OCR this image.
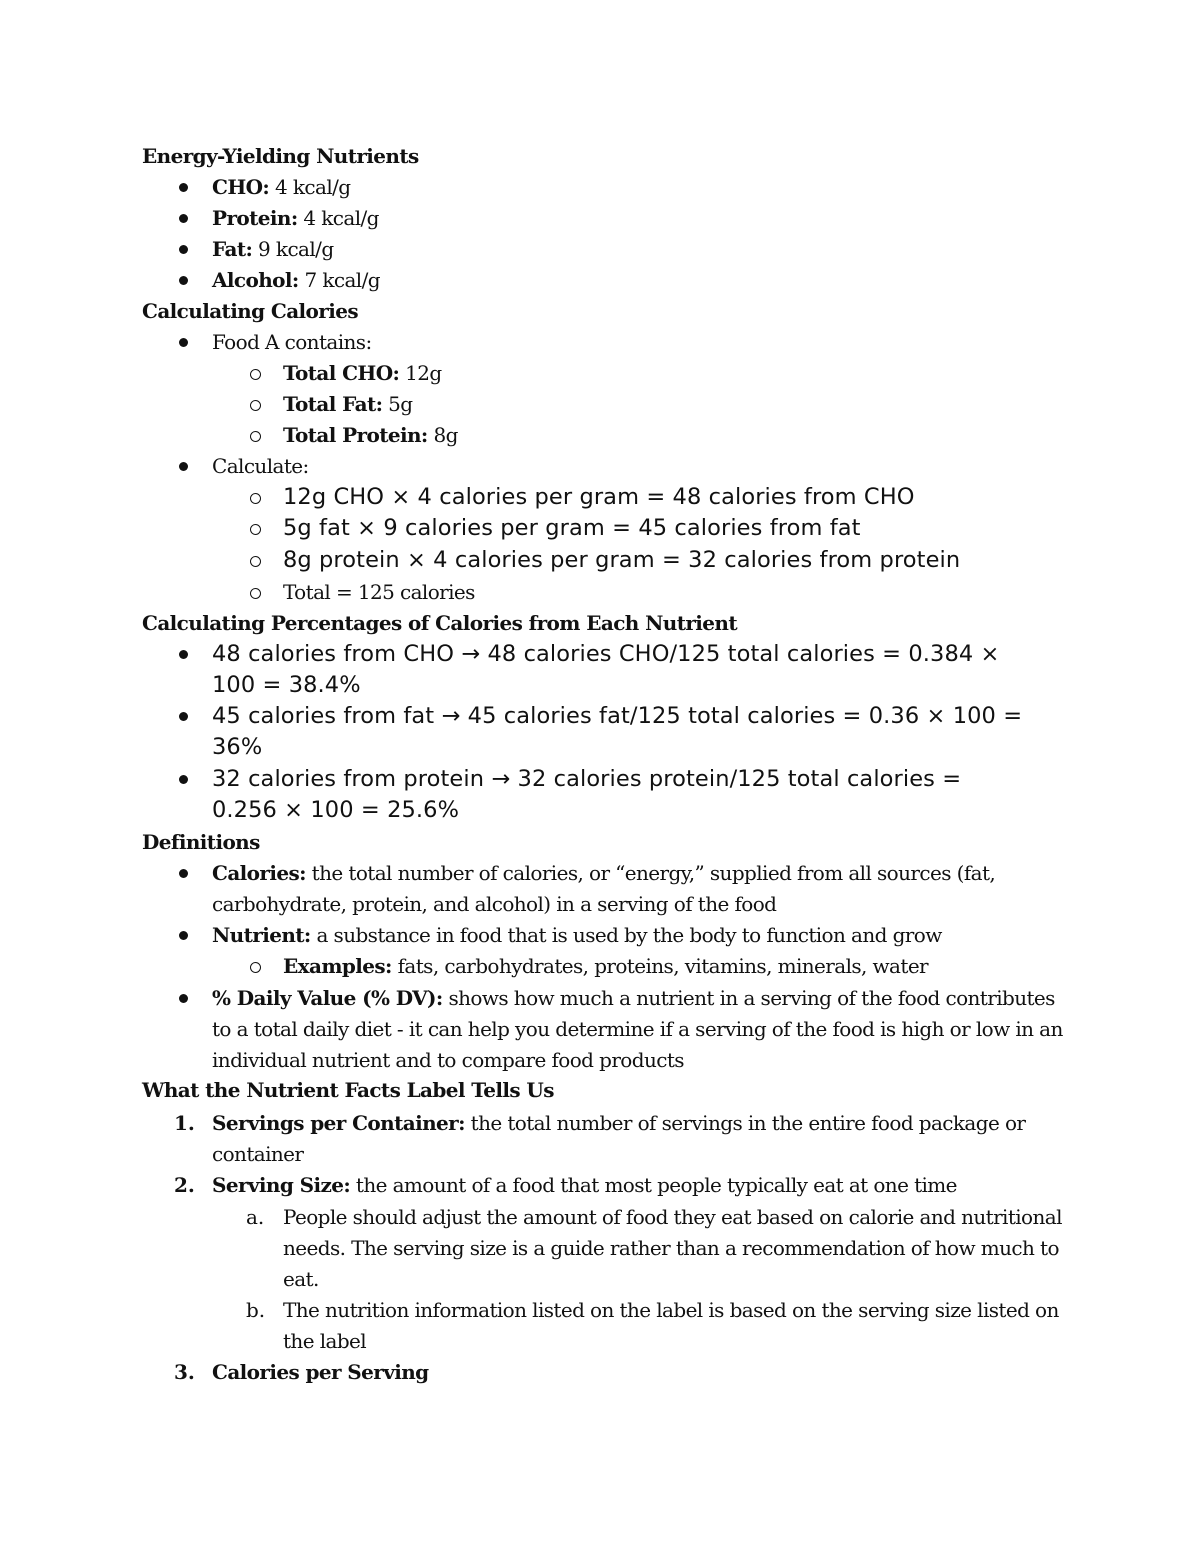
Energy-Yielding Nutrients
CHO: 4 kcal/g
Protein: 4 kcal/g
Fat: 9 kcal/g
Alcohol: 7 kcal/g
Calculating Calories
Food A contains:
Total CHO: 12g
Total Fat: 5g
Total Protein: 8g
Calculate:
12g CHO × 4 calories per gram = 48 calories from CHO
5g fat × 9 calories per gram = 45 calories from fat
8g protein × 4 calories per gram = 32 calories from protein
Total = 125 calories
Calculating Percentages of Calories from Each Nutrient
48 calories from CHO → 48 calories CHO/125 total calories = 0.384 ×
100 = 38.4%
45 calories from fat → 45 calories fat/125 total calories = 0.36 × 100 =
36%
32 calories from protein → 32 calories protein/125 total calories =
0.256 × 100 = 25.6%
Definitions
Calories: the total number of calories, or “energy,” supplied from all sources (fat,
carbohydrate, protein, and alcohol) in a serving of the food
Nutrient: a substance in food that is used by the body to function and grow
Examples: fats, carbohydrates, proteins, vitamins, minerals, water
% Daily Value (% DV): shows how much a nutrient in a serving of the food contributes
to a total daily diet - it can help you determine if a serving of the food is high or low in an
individual nutrient and to compare food products
What the Nutrient Facts Label Tells Us
1. Servings per Container: the total number of servings in the entire food package or
container
2. Serving Size: the amount of a food that most people typically eat at one time
a. People should adjust the amount of food they eat based on calorie and nutritional
needs. The serving size is a guide rather than a recommendation of how much to
eat.
b. The nutrition information listed on the label is based on the serving size listed on
the label
3. Calories per Serving
